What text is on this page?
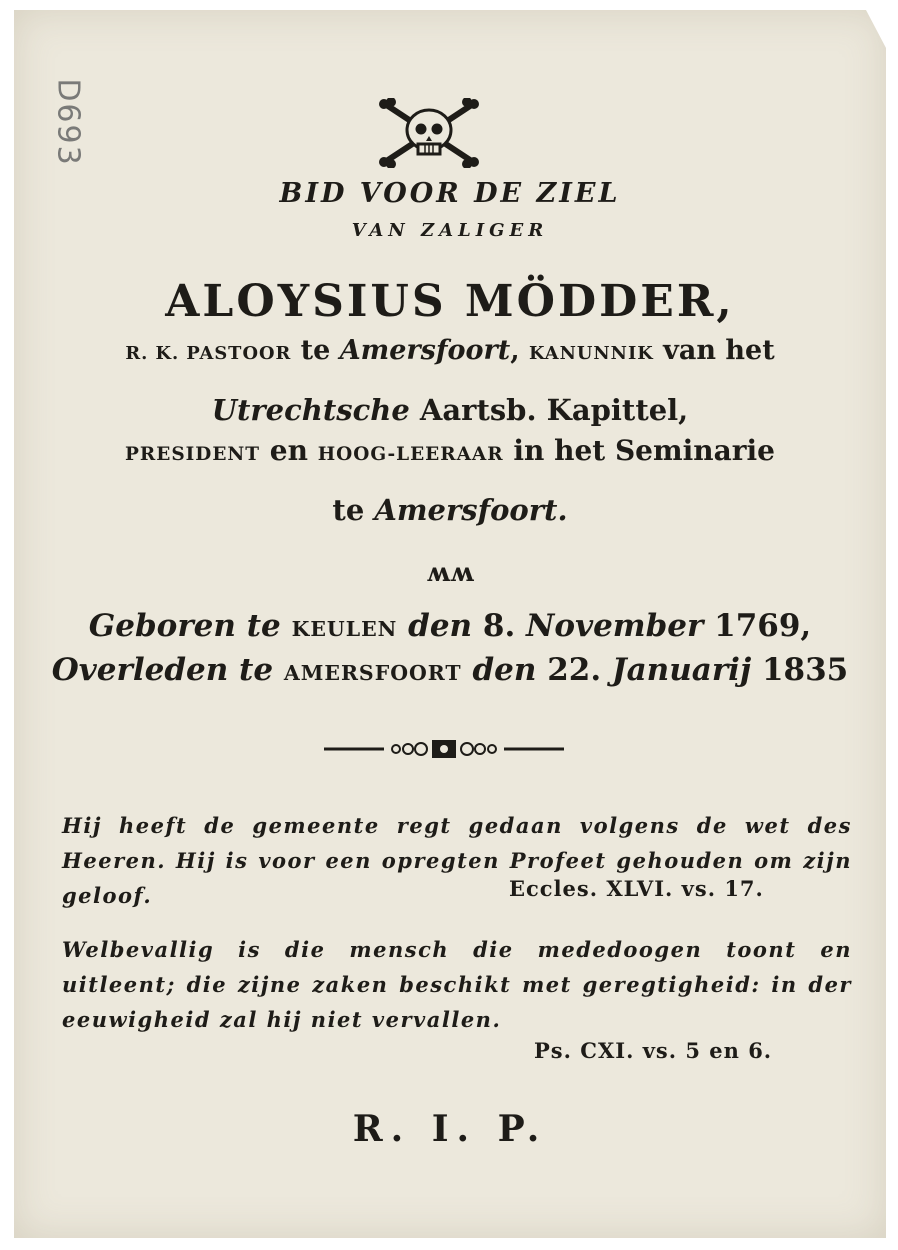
D693
BID VOOR DE ZIEL
VAN ZALIGER
ALOYSIUS MÖDDER,
R. K. PASTOOR te Amersfoort, KANUNNIK van het
Utrechtsche Aartsb. Kapittel,
PRESIDENT en HOOG-LEERAAR in het Seminarie
te Amersfoort.
ʍʍ
Geboren te KEULEN den 8. November 1769,
Overleden te AMERSFOORT den 22. Januarij 1835
Hij heeft de gemeente regt gedaan volgens de wet des Heeren. Hij is voor een opregten Profeet gehouden om zijn geloof.	Eccles. XLVI. vs. 17.
Welbevallig is die mensch die mededoogen toont en uitleent; die zijne zaken beschikt met geregtigheid: in der eeuwigheid zal hij niet vervallen.
Ps. CXI. vs. 5 en 6.
R. I. P.
